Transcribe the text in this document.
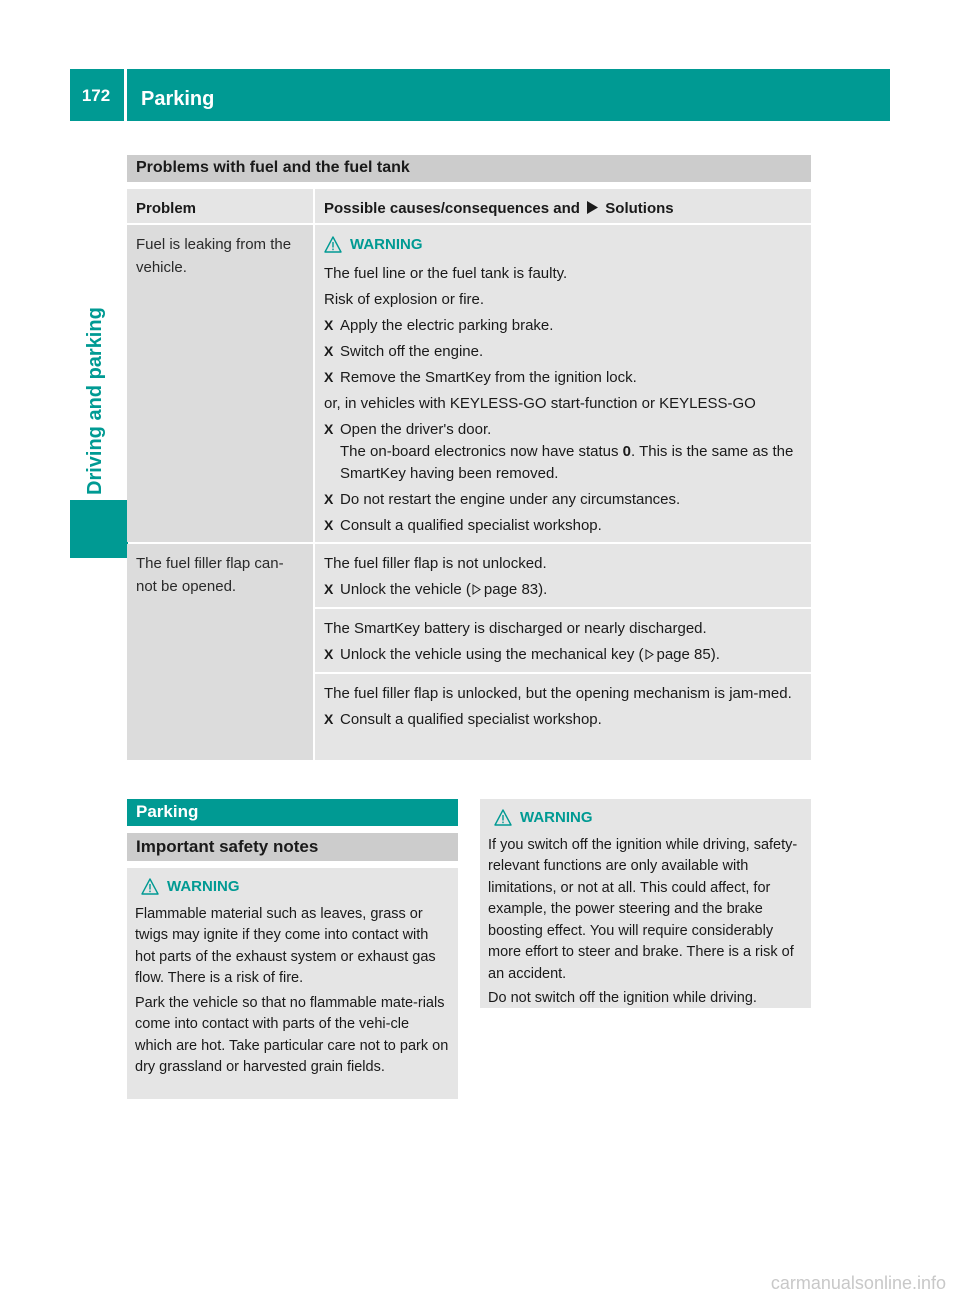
172	Parking
Driving and parking
Problems with fuel and the fuel tank
Problem	Possible causes/consequences and Solutions
Fuel is leaking from the vehicle.
WARNING

The fuel line or the fuel tank is faulty.

Risk of explosion or fire.

X Apply the electric parking brake.
X Switch off the engine.
X Remove the SmartKey from the ignition lock.

or, in vehicles with KEYLESS-GO start-function or KEYLESS-GO

X Open the driver's door.
The on-board electronics now have status 0. This is the same as the SmartKey having been removed.
X Do not restart the engine under any circumstances.
X Consult a qualified specialist workshop.
The fuel filler flap can-not be opened.

The fuel filler flap is not unlocked.

X Unlock the vehicle ( page 83).

The SmartKey battery is discharged or nearly discharged.

X Unlock the vehicle using the mechanical key ( page 85).

The fuel filler flap is unlocked, but the opening mechanism is jam-med.

X Consult a qualified specialist workshop.
Parking
Important safety notes
WARNING

Flammable material such as leaves, grass or twigs may ignite if they come into contact with hot parts of the exhaust system or exhaust gas flow. There is a risk of fire.

Park the vehicle so that no flammable mate-rials come into contact with parts of the vehi-cle which are hot. Take particular care not to park on dry grassland or harvested grain fields.

WARNING

If you switch off the ignition while driving, safety-relevant functions are only available with limitations, or not at all. This could affect, for example, the power steering and the brake boosting effect. You will require considerably more effort to steer and brake. There is a risk of an accident.

Do not switch off the ignition while driving.

carmanualsonline.info
